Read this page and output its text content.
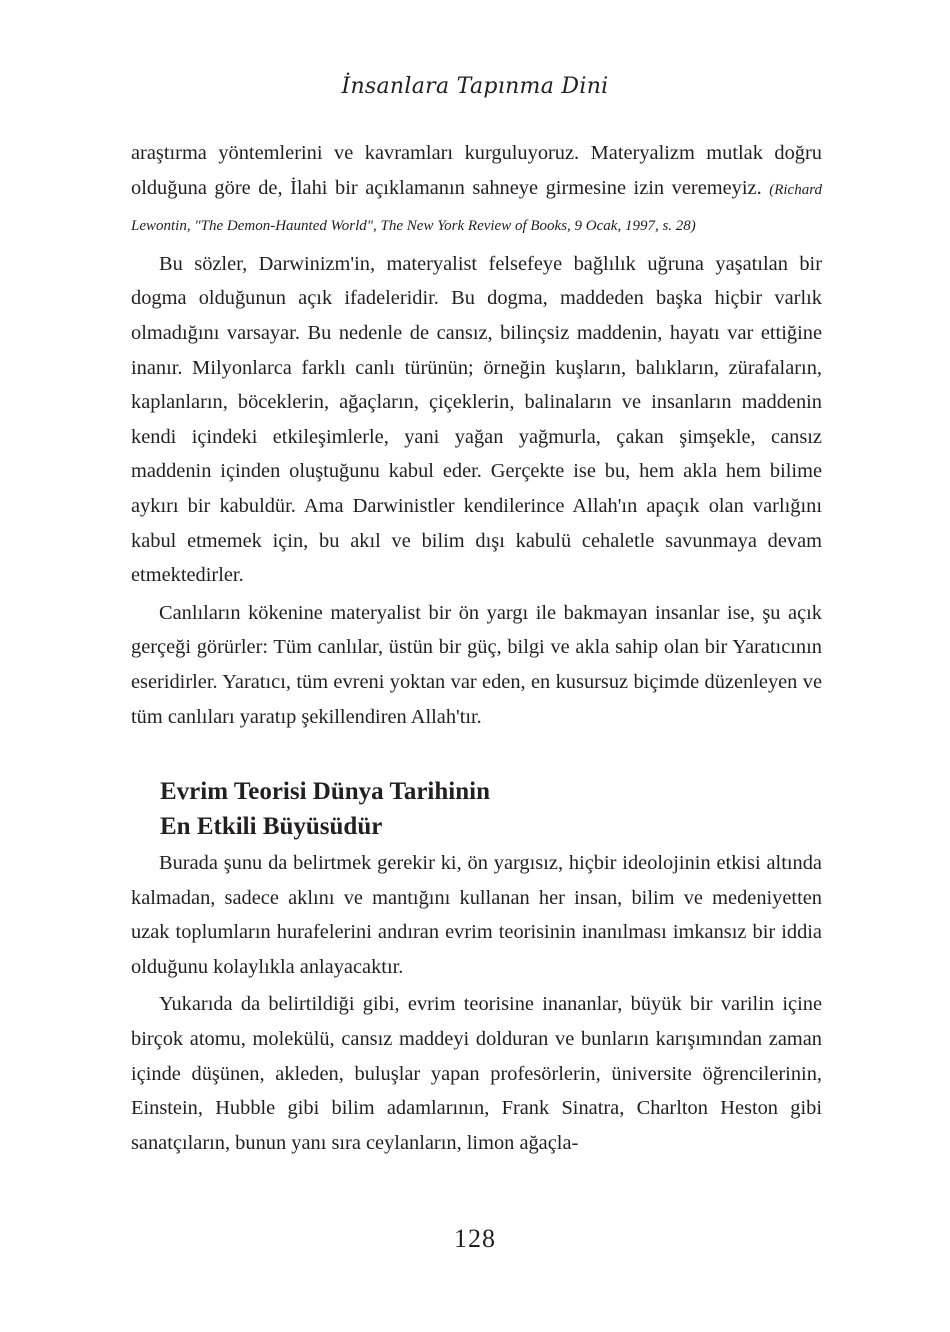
İnsanlara Tapınma Dini

araştırma yöntemlerini ve kavramları kurguluyoruz. Materyalizm mutlak doğru olduğuna göre de, İlahi bir açıklamanın sahneye girmesine izin veremeyiz. (Richard Lewontin, "The Demon-Haunted World", The New York Review of Books, 9 Ocak, 1997, s. 28)

Bu sözler, Darwinizm'in, materyalist felsefeye bağlılık uğruna yaşatılan bir dogma olduğunun açık ifadeleridir. Bu dogma, maddeden başka hiçbir varlık olmadığını varsayar. Bu nedenle de cansız, bilinçsiz maddenin, hayatı var ettiğine inanır. Milyonlarca farklı canlı türünün; örneğin kuşların, balıkların, zürafaların, kaplanların, böceklerin, ağaçların, çiçeklerin, balinaların ve insanların maddenin kendi içindeki etkileşimlerle, yani yağan yağmurla, çakan şimşekle, cansız maddenin içinden oluştuğunu kabul eder. Gerçekte ise bu, hem akla hem bilime aykırı bir kabuldür. Ama Darwinistler kendilerince Allah'ın apaçık olan varlığını kabul etmemek için, bu akıl ve bilim dışı kabulü cehaletle savunmaya devam etmektedirler.

Canlıların kökenine materyalist bir ön yargı ile bakmayan insanlar ise, şu açık gerçeği görürler: Tüm canlılar, üstün bir güç, bilgi ve akla sahip olan bir Yaratıcının eseridirler. Yaratıcı, tüm evreni yoktan var eden, en kusursuz biçimde düzenleyen ve tüm canlıları yaratıp şekillendiren Allah'tır.

Evrim Teorisi Dünya Tarihinin
En Etkili Büyüsüdür

Burada şunu da belirtmek gerekir ki, ön yargısız, hiçbir ideolojinin etkisi altında kalmadan, sadece aklını ve mantığını kullanan her insan, bilim ve medeniyetten uzak toplumların hurafelerini andıran evrim teorisinin inanılması imkansız bir iddia olduğunu kolaylıkla anlayacaktır.

Yukarıda da belirtildiği gibi, evrim teorisine inananlar, büyük bir varilin içine birçok atomu, molekülü, cansız maddeyi dolduran ve bunların karışımından zaman içinde düşünen, akleden, buluşlar yapan profesörlerin, üniversite öğrencilerinin, Einstein, Hubble gibi bilim adamlarının, Frank Sinatra, Charlton Heston gibi sanatçıların, bunun yanı sıra ceylanların, limon ağaçla-

128
